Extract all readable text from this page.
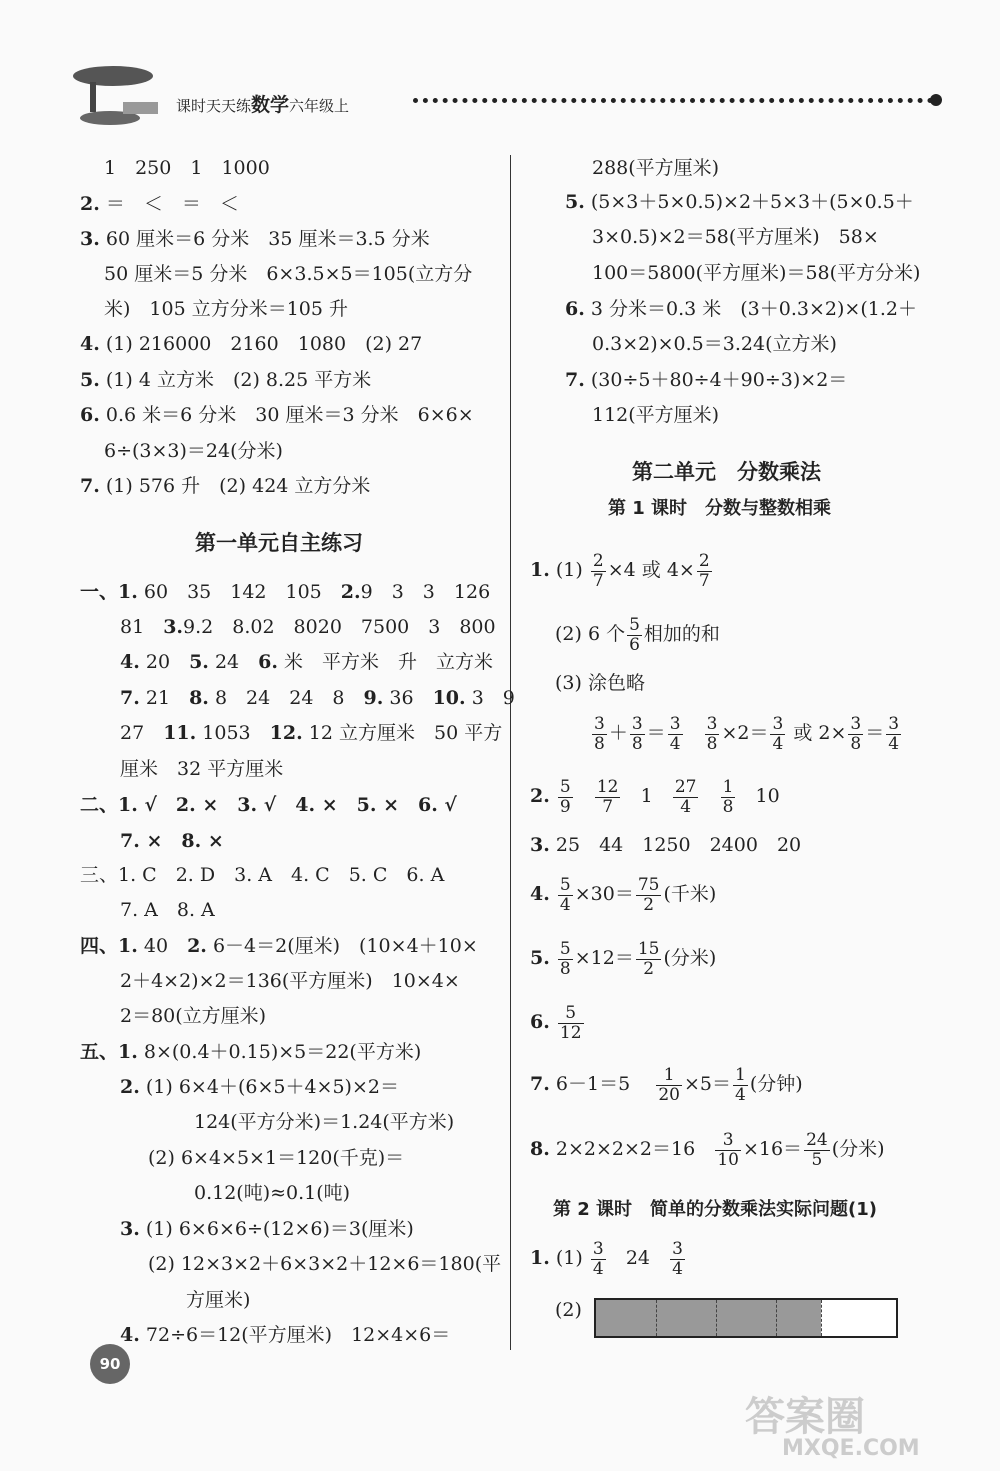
课时天天练数学六年级上
1　250　1　1000
2. ＝　＜　＝　＜
3. 60 厘米＝6 分米　35 厘米＝3.5 分米
50 厘米＝5 分米　6×3.5×5＝105(立方分
米)　105 立方分米＝105 升
4. (1) 216000　2160　1080　(2) 27
5. (1) 4 立方米　(2) 8.25 平方米
6. 0.6 米＝6 分米　30 厘米＝3 分米　6×6×
6÷(3×3)＝24(分米)
7. (1) 576 升　(2) 424 立方分米
第一单元自主练习
一、1. 60　35　142　105　2.9　3　3　126
81　3.9.2　8.02　8020　7500　3　800
4. 20　5. 24　6. 米　平方米　升　立方米
7. 21　8. 8　24　24　8　9. 36　10. 3　9
27　11. 1053　12. 12 立方厘米　50 平方
厘米　32 平方厘米
二、1. √　2. ×　3. √　4. ×　5. ×　6. √
7. ×　8. ×
三、1. C　2. D　3. A　4. C　5. C　6. A
7. A　8. A
四、1. 40　2. 6－4＝2(厘米)　(10×4＋10×
2＋4×2)×2＝136(平方厘米)　10×4×
2＝80(立方厘米)
五、1. 8×(0.4＋0.15)×5＝22(平方米)
2. (1) 6×4＋(6×5＋4×5)×2＝
124(平方分米)＝1.24(平方米)
(2) 6×4×5×1＝120(千克)＝
0.12(吨)≈0.1(吨)
3. (1) 6×6×6÷(12×6)＝3(厘米)
(2) 12×3×2＋6×3×2＋12×6＝180(平
方厘米)
4. 72÷6＝12(平方厘米)　12×4×6＝
288(平方厘米)
5. (5×3＋5×0.5)×2＋5×3＋(5×0.5＋
3×0.5)×2＝58(平方厘米)　58×
100＝5800(平方厘米)＝58(平方分米)
6. 3 分米＝0.3 米　(3＋0.3×2)×(1.2＋
0.3×2)×0.5＝3.24(立方米)
7. (30÷5＋80÷4＋90÷3)×2＝
112(平方厘米)
第二单元　分数乘法
第 1 课时　分数与整数相乘
1. $(1) \frac{2}{7} \times 4$ 或 $4\times \frac{2}{7}$
(2) 6 个 $\frac{5}{6}$ 相加的和
(3) 涂色略
$\frac{3}{8} + \frac{3}{8} = \frac{3}{4}$
$\frac{3}{8} \times 2= \frac{3}{4}$ 或 $2\times \frac{3}{8} = \frac{3}{4}$
2. $\frac{5}{9}$
$\frac{12}{7} 1 \frac{27}{4}$
$\frac{1}{8} 10$
3. 25　44　1250　2400　20
4. $\frac{5}{4} \times 30= \frac{75}{2}$ (千米)
5. $\frac{5}{8} \times 12= \frac{15}{2}$ (分米)
6. $\frac{5}{12}$
7. $6-1=5 \frac{1}{20} \times 5= \frac{1}{4}$ (分钟)
8. $2\times 2\times 2\times 2=16 \frac{3}{10} \times 16= \frac{24}{5}$ (分米)
第 2 课时　简单的分数乘法实际问题(1)
1. $(1) \frac{3}{4} 24 \frac{3}{4}$
(2)
90
答案圈
MXQE.COM
